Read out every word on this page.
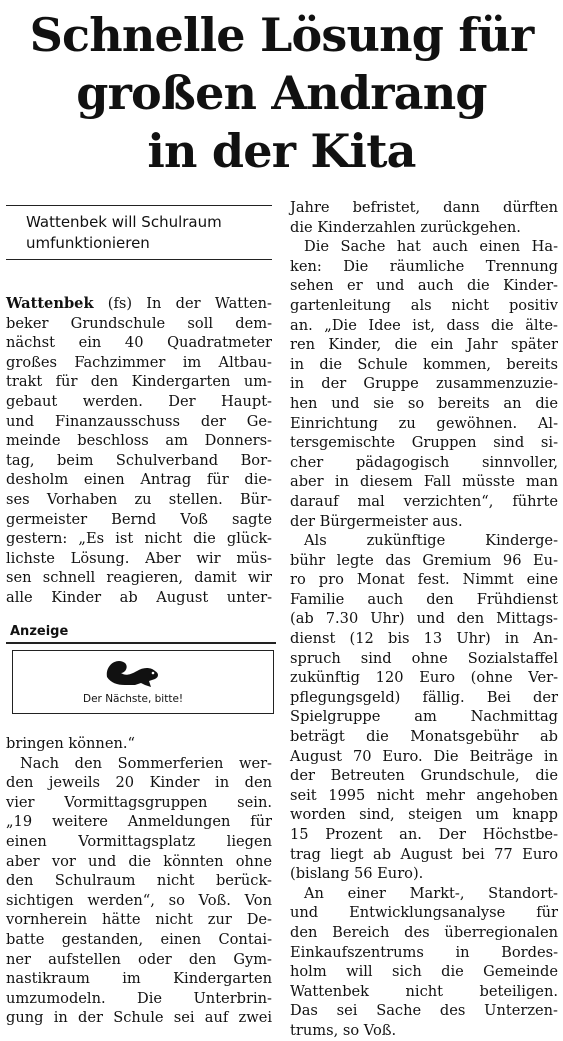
Schnelle Lösung für
großen Andrang
in der Kita
Wattenbek will Schulraum
umfunktionieren
Wattenbek (fs) In der Watten-
beker Grundschule soll dem-
nächst ein 40 Quadratmeter
großes Fachzimmer im Altbau-
trakt für den Kindergarten um-
gebaut werden. Der Haupt-
und Finanzausschuss der Ge-
meinde beschloss am Donners-
tag, beim Schulverband Bor-
desholm einen Antrag für die-
ses Vorhaben zu stellen. Bür-
germeister Bernd Voß sagte
gestern: „Es ist nicht die glück-
lichste Lösung. Aber wir müs-
sen schnell reagieren, damit wir
alle Kinder ab August unter-
Anzeige
Der Nächste, bitte!
bringen können.“
Nach den Sommerferien wer-
den jeweils 20 Kinder in den
vier Vormittagsgruppen sein.
„19 weitere Anmeldungen für
einen Vormittagsplatz liegen
aber vor und die könnten ohne
den Schulraum nicht berück-
sichtigen werden“, so Voß. Von
vornherein hätte nicht zur De-
batte gestanden, einen Contai-
ner aufstellen oder den Gym-
nastikraum im Kindergarten
umzumodeln. Die Unterbrin-
gung in der Schule sei auf zwei
Jahre befristet, dann dürften
die Kinderzahlen zurückgehen.
Die Sache hat auch einen Ha-
ken: Die räumliche Trennung
sehen er und auch die Kinder-
gartenleitung als nicht positiv
an. „Die Idee ist, dass die älte-
ren Kinder, die ein Jahr später
in die Schule kommen, bereits
in der Gruppe zusammenzuzie-
hen und sie so bereits an die
Einrichtung zu gewöhnen. Al-
tersgemischte Gruppen sind si-
cher pädagogisch sinnvoller,
aber in diesem Fall müsste man
darauf mal verzichten“, führte
der Bürgermeister aus.
Als zukünftige Kinderge-
bühr legte das Gremium 96 Eu-
ro pro Monat fest. Nimmt eine
Familie auch den Frühdienst
(ab 7.30 Uhr) und den Mittags-
dienst (12 bis 13 Uhr) in An-
spruch sind ohne Sozialstaffel
zukünftig 120 Euro (ohne Ver-
pflegungsgeld) fällig. Bei der
Spielgruppe am Nachmittag
beträgt die Monatsgebühr ab
August 70 Euro. Die Beiträge in
der Betreuten Grundschule, die
seit 1995 nicht mehr angehoben
worden sind, steigen um knapp
15 Prozent an. Der Höchstbe-
trag liegt ab August bei 77 Euro
(bislang 56 Euro).
An einer Markt-, Standort-
und Entwicklungsanalyse für
den Bereich des überregionalen
Einkaufszentrums in Bordes-
holm will sich die Gemeinde
Wattenbek nicht beteiligen.
Das sei Sache des Unterzen-
trums, so Voß.
